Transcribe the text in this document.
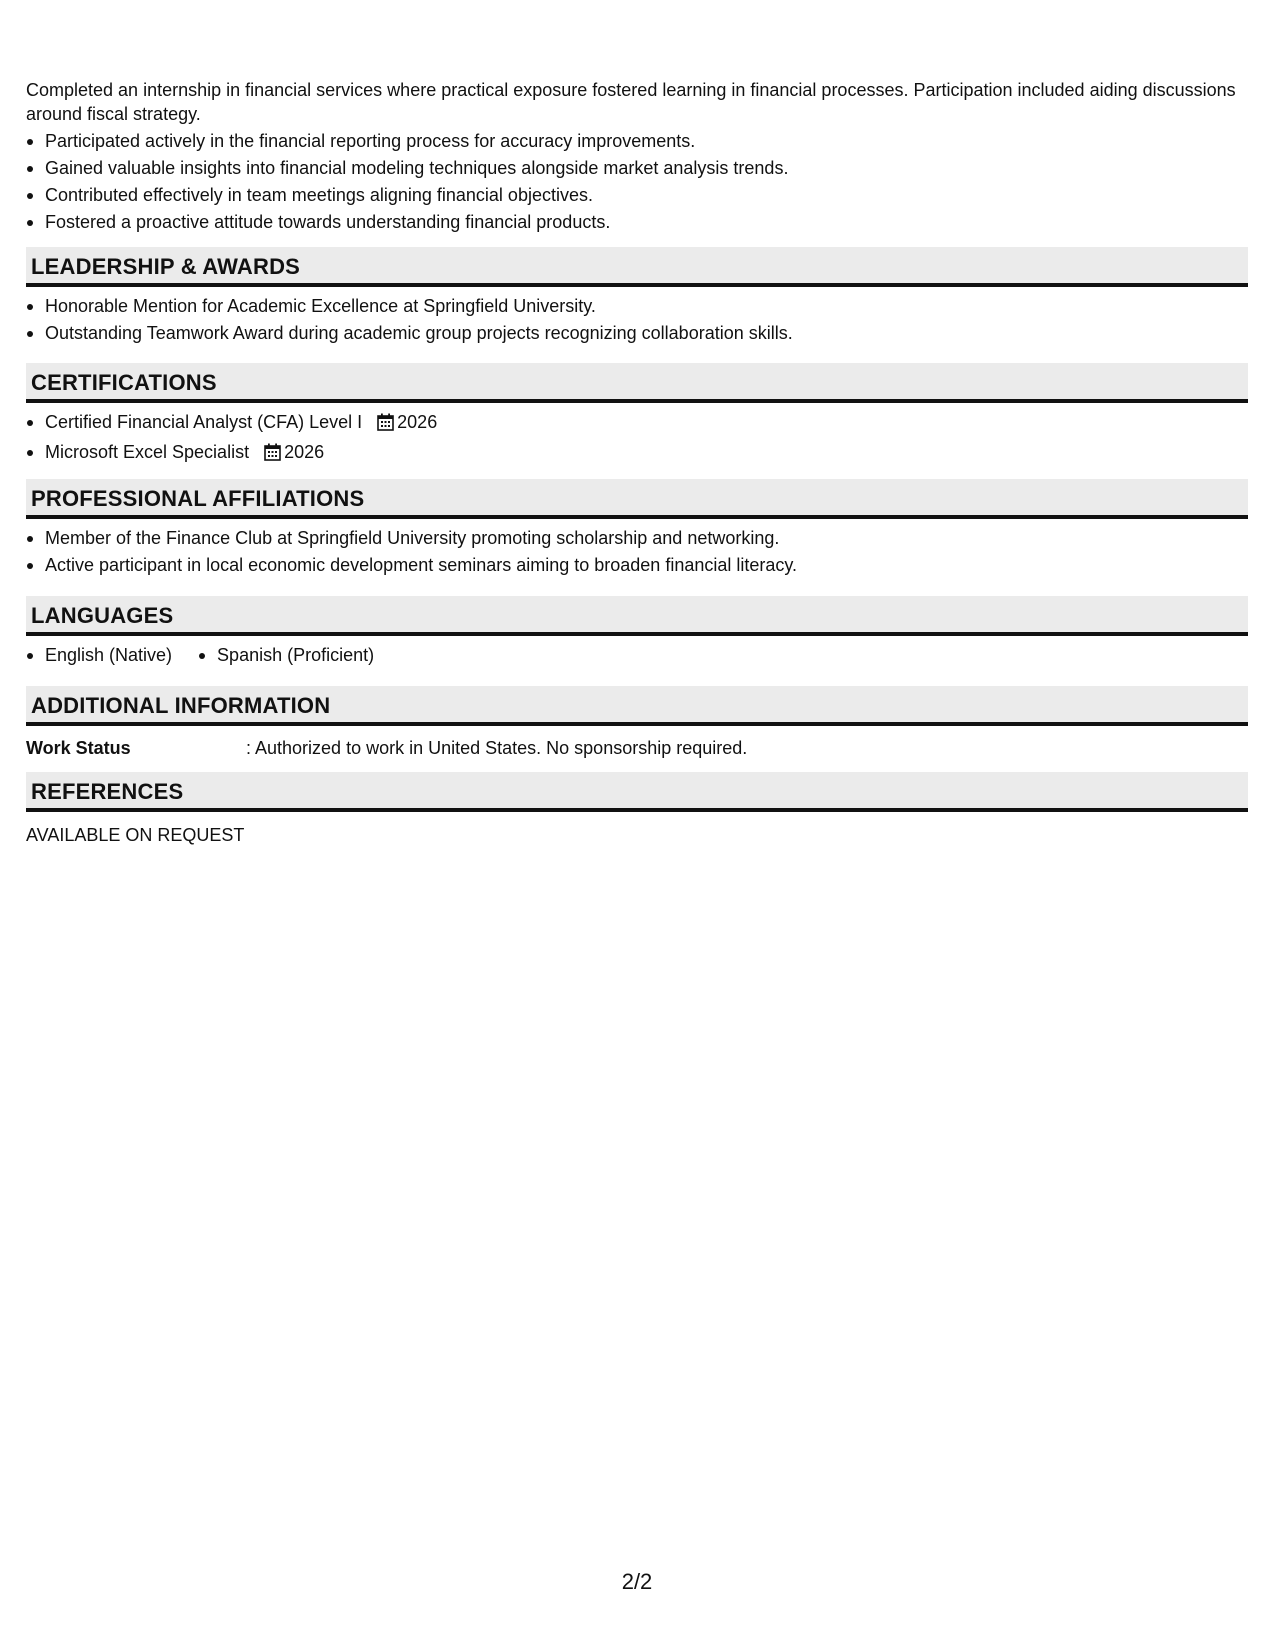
Completed an internship in financial services where practical exposure fostered learning in financial processes. Participation included aiding discussions around fiscal strategy.
Participated actively in the financial reporting process for accuracy improvements.
Gained valuable insights into financial modeling techniques alongside market analysis trends.
Contributed effectively in team meetings aligning financial objectives.
Fostered a proactive attitude towards understanding financial products.
LEADERSHIP & AWARDS
Honorable Mention for Academic Excellence at Springfield University.
Outstanding Teamwork Award during academic group projects recognizing collaboration skills.
CERTIFICATIONS
Certified Financial Analyst (CFA) Level I 2026
Microsoft Excel Specialist 2026
PROFESSIONAL AFFILIATIONS
Member of the Finance Club at Springfield University promoting scholarship and networking.
Active participant in local economic development seminars aiming to broaden financial literacy.
LANGUAGES
English (Native)	Spanish (Proficient)
ADDITIONAL INFORMATION
Work Status	: Authorized to work in United States. No sponsorship required.
REFERENCES
AVAILABLE ON REQUEST
2/2
